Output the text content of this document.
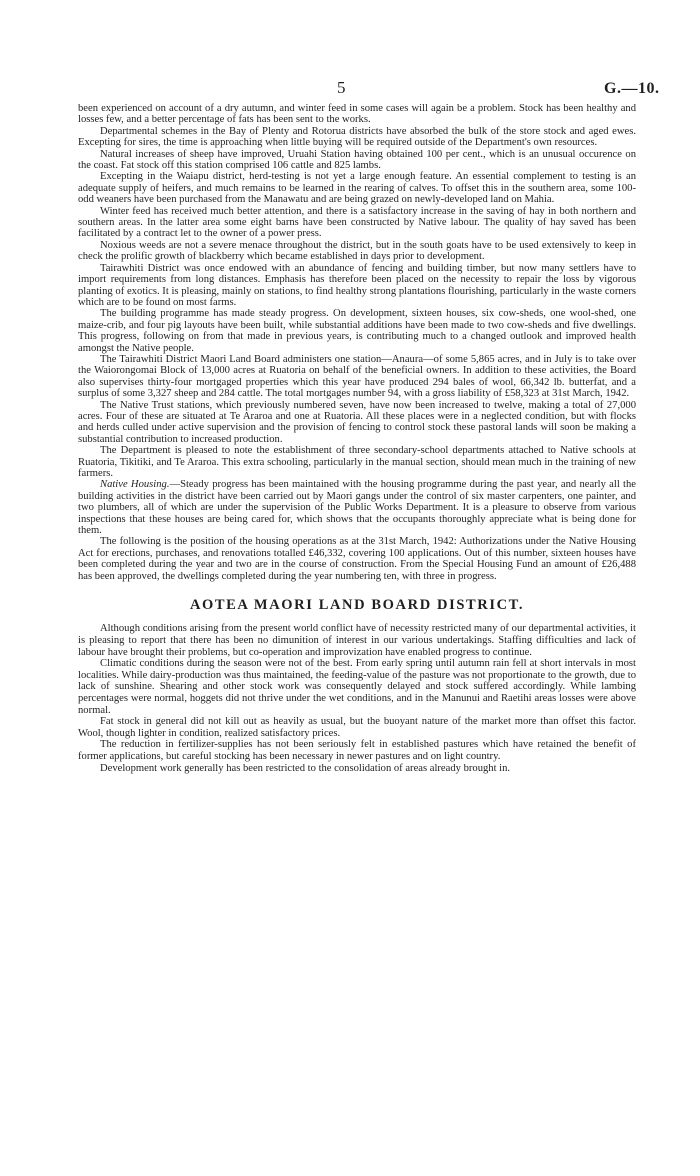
5	G.—10.

been experienced on account of a dry autumn, and winter feed in some cases will again be a problem. Stock has been healthy and losses few, and a better percentage of fats has been sent to the works.

Departmental schemes in the Bay of Plenty and Rotorua districts have absorbed the bulk of the store stock and aged ewes. Excepting for sires, the time is approaching when little buying will be required outside of the Department's own resources.

Natural increases of sheep have improved, Uruahi Station having obtained 100 per cent., which is an unusual occurence on the coast. Fat stock off this station comprised 106 cattle and 825 lambs.

Excepting in the Waiapu district, herd-testing is not yet a large enough feature. An essential complement to testing is an adequate supply of heifers, and much remains to be learned in the rearing of calves. To offset this in the southern area, some 100-odd weaners have been purchased from the Manawatu and are being grazed on newly-developed land on Mahia.

Winter feed has received much better attention, and there is a satisfactory increase in the saving of hay in both northern and southern areas. In the latter area some eight barns have been constructed by Native labour. The quality of hay saved has been facilitated by a contract let to the owner of a power press.

Noxious weeds are not a severe menace throughout the district, but in the south goats have to be used extensively to keep in check the prolific growth of blackberry which became established in days prior to development.

Tairawhiti District was once endowed with an abundance of fencing and building timber, but now many settlers have to import requirements from long distances. Emphasis has therefore been placed on the necessity to repair the loss by vigorous planting of exotics. It is pleasing, mainly on stations, to find healthy strong plantations flourishing, particularly in the waste corners which are to be found on most farms.

The building programme has made steady progress. On development, sixteen houses, six cow-sheds, one wool-shed, one maize-crib, and four pig layouts have been built, while substantial additions have been made to two cow-sheds and five dwellings. This progress, following on from that made in previous years, is contributing much to a changed outlook and improved health amongst the Native people.

The Tairawhiti District Maori Land Board administers one station—Anaura—of some 5,865 acres, and in July is to take over the Waiorongomai Block of 13,000 acres at Ruatoria on behalf of the beneficial owners. In addition to these activities, the Board also supervises thirty-four mortgaged properties which this year have produced 294 bales of wool, 66,342 lb. butterfat, and a surplus of some 3,327 sheep and 284 cattle. The total mortgages number 94, with a gross liability of £58,323 at 31st March, 1942.

The Native Trust stations, which previously numbered seven, have now been increased to twelve, making a total of 27,000 acres. Four of these are situated at Te Araroa and one at Ruatoria. All these places were in a neglected condition, but with flocks and herds culled under active supervision and the provision of fencing to control stock these pastoral lands will soon be making a substantial contribution to increased production.

The Department is pleased to note the establishment of three secondary-school departments attached to Native schools at Ruatoria, Tikitiki, and Te Araroa. This extra schooling, particularly in the manual section, should mean much in the training of new farmers.

Native Housing.—Steady progress has been maintained with the housing programme during the past year, and nearly all the building activities in the district have been carried out by Maori gangs under the control of six master carpenters, one painter, and two plumbers, all of which are under the supervision of the Public Works Department. It is a pleasure to observe from various inspections that these houses are being cared for, which shows that the occupants thoroughly appreciate what is being done for them.

The following is the position of the housing operations as at the 31st March, 1942: Authorizations under the Native Housing Act for erections, purchases, and renovations totalled £46,332, covering 100 applications. Out of this number, sixteen houses have been completed during the year and two are in the course of construction. From the Special Housing Fund an amount of £26,488 has been approved, the dwellings completed during the year numbering ten, with three in progress.

AOTEA MAORI LAND BOARD DISTRICT.

Although conditions arising from the present world conflict have of necessity restricted many of our departmental activities, it is pleasing to report that there has been no dimunition of interest in our various undertakings. Staffing difficulties and lack of labour have brought their problems, but co-operation and improvization have enabled progress to continue.

Climatic conditions during the season were not of the best. From early spring until autumn rain fell at short intervals in most localities. While dairy-production was thus maintained, the feeding-value of the pasture was not proportionate to the growth, due to lack of sunshine. Shearing and other stock work was consequently delayed and stock suffered accordingly. While lambing percentages were normal, hoggets did not thrive under the wet conditions, and in the Manunui and Raetihi areas losses were above normal.

Fat stock in general did not kill out as heavily as usual, but the buoyant nature of the market more than offset this factor. Wool, though lighter in condition, realized satisfactory prices.

The reduction in fertilizer-supplies has not been seriously felt in established pastures which have retained the benefit of former applications, but careful stocking has been necessary in newer pastures and on light country.

Development work generally has been restricted to the consolidation of areas already brought in.
